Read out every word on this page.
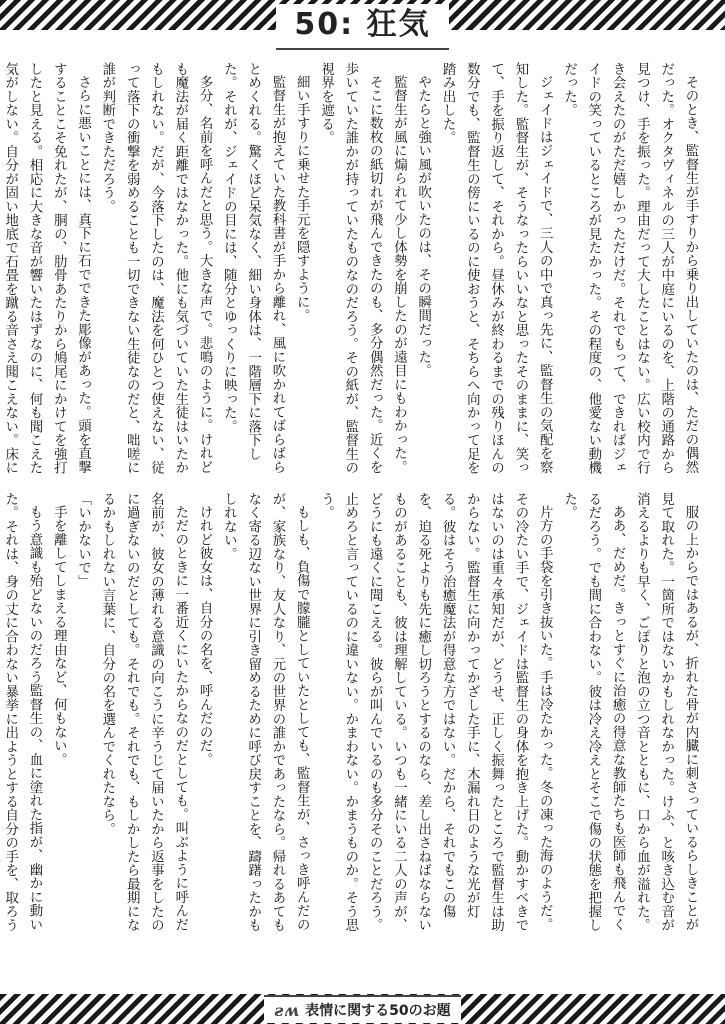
50: 狂気

そのとき、監督生が手すりから乗り出していたのは、ただの偶然だった。オクタヴィネルの三人が中庭にいるのを、上階の通路から見つけ、手を振った。理由だって大したことはない。広い校内で行き会えたのがただ嬉しかっただけだ。それでもって、できればジェイドの笑っているところが見たかった。その程度の、他愛ない動機だった。

ジェイドはジェイドで、三人の中で真っ先に、監督生の気配を察知した。監督生が、そうなったらいいなと思ったそのままに、笑って、手を振り返して、それから。昼休みが終わるまでの残りほんの数分でも、監督生の傍にいるのに使おうと、そちらへ向かって足を踏み出した。

やたらと強い風が吹いたのは、その瞬間だった。

監督生が風に煽られて少し体勢を崩したのが遠目にもわかった。

そこに数枚の紙切れが飛んできたのも、多分偶然だった。近くを歩いていた誰かが持っていたものなのだろう。その紙が、監督生の視界を遮る。

細い手すりに乗せた手元を隠すように。

監督生が抱えていた教科書が手から離れ、風に吹かれてばらばらとめくれる。驚くほど呆気なく、細い身体は、一階層下に落下した。それが、ジェイドの目には、随分とゆっくりに映った。

多分、名前を呼んだと思う。大きな声で。悲鳴のように。けれども魔法が届く距離ではなかった。他にも気づいていた生徒はいたかもしれない。だが、今落下したのは、魔法を何ひとつ使えない、従って落下の衝撃を弱めることも一切できない生徒なのだと、咄嗟に誰が判断できただろう。

さらに悪いことには、真下に石でできた彫像があった。頭を直撃することこそ免れたが、胴の、肋骨あたりから鳩尾にかけてを強打したと見える。相応に大きな音が響いたはずなのに、何も聞こえた気がしない。自分が固い地底で石畳を蹴る音さえ聞こえない。床に

服の上からではあるが、折れた骨が内臓に刺さっているらしきことが見て取れた。一箇所ではないかもしれなかった。けふ、と咳き込む音が消えるよりも早く、ごぽりと泡の立つ音とともに、口から血が溢れた。

ああ、だめだ。きっとすぐに治癒の得意な教師たちも医師も飛んでくるだろう。でも間に合わない。彼は冷え冷えとそこで傷の状態を把握した。

片方の手袋を引き抜いた。手は冷たかった。冬の凍った海のようだ。その冷たい手で、ジェイドは監督生の身体を抱き上げた。動かすべきではないのは重々承知だが、どうせ、正しく振舞ったところで監督生は助からない。監督生に向かってかざした手に、木漏れ日のような光が灯る。彼はそう治癒魔法が得意な方ではない。だから、それでもこの傷を、迫る死よりも先に癒し切ろうとするのなら、差し出さねばならないものがあることも、彼は理解している。いつも一緒にいる二人の声が、どうにも遠くに聞こえる。彼らが叫んでいるのも多分そのことだろう。止めろと言っているのに違いない。かまわない。かまうものか。そう思う。

もしも、負傷で朦朧としていたとしても、監督生が、さっき呼んだのが、家族なり、友人なり、元の世界の誰かであったなら。帰れるあてもなく寄る辺ない世界に引き留めるために呼び戻すことを、躊躇ったかもしれない。

けれど彼女は、自分の名を、呼んだのだ。

ただのときに一番近くにいたからなのだとしても。叫ぶように呼んだ名前が、彼女の薄れる意識の向こうに辛うじて届いたから返事をしたのに過ぎないのだとしても。それでも。それでも、もしかしたら最期になるかもしれない言葉に、自分の名を選んでくれたなら。

「いかないで」

手を離してしまえる理由など、何もない。

もう意識も殆どないのだろう監督生の、血に塗れた指が、幽かに動いた。それは、身の丈に合わない暴挙に出ようとする自分の手を、取ろう

ƨʍ 表情に関する50のお題
